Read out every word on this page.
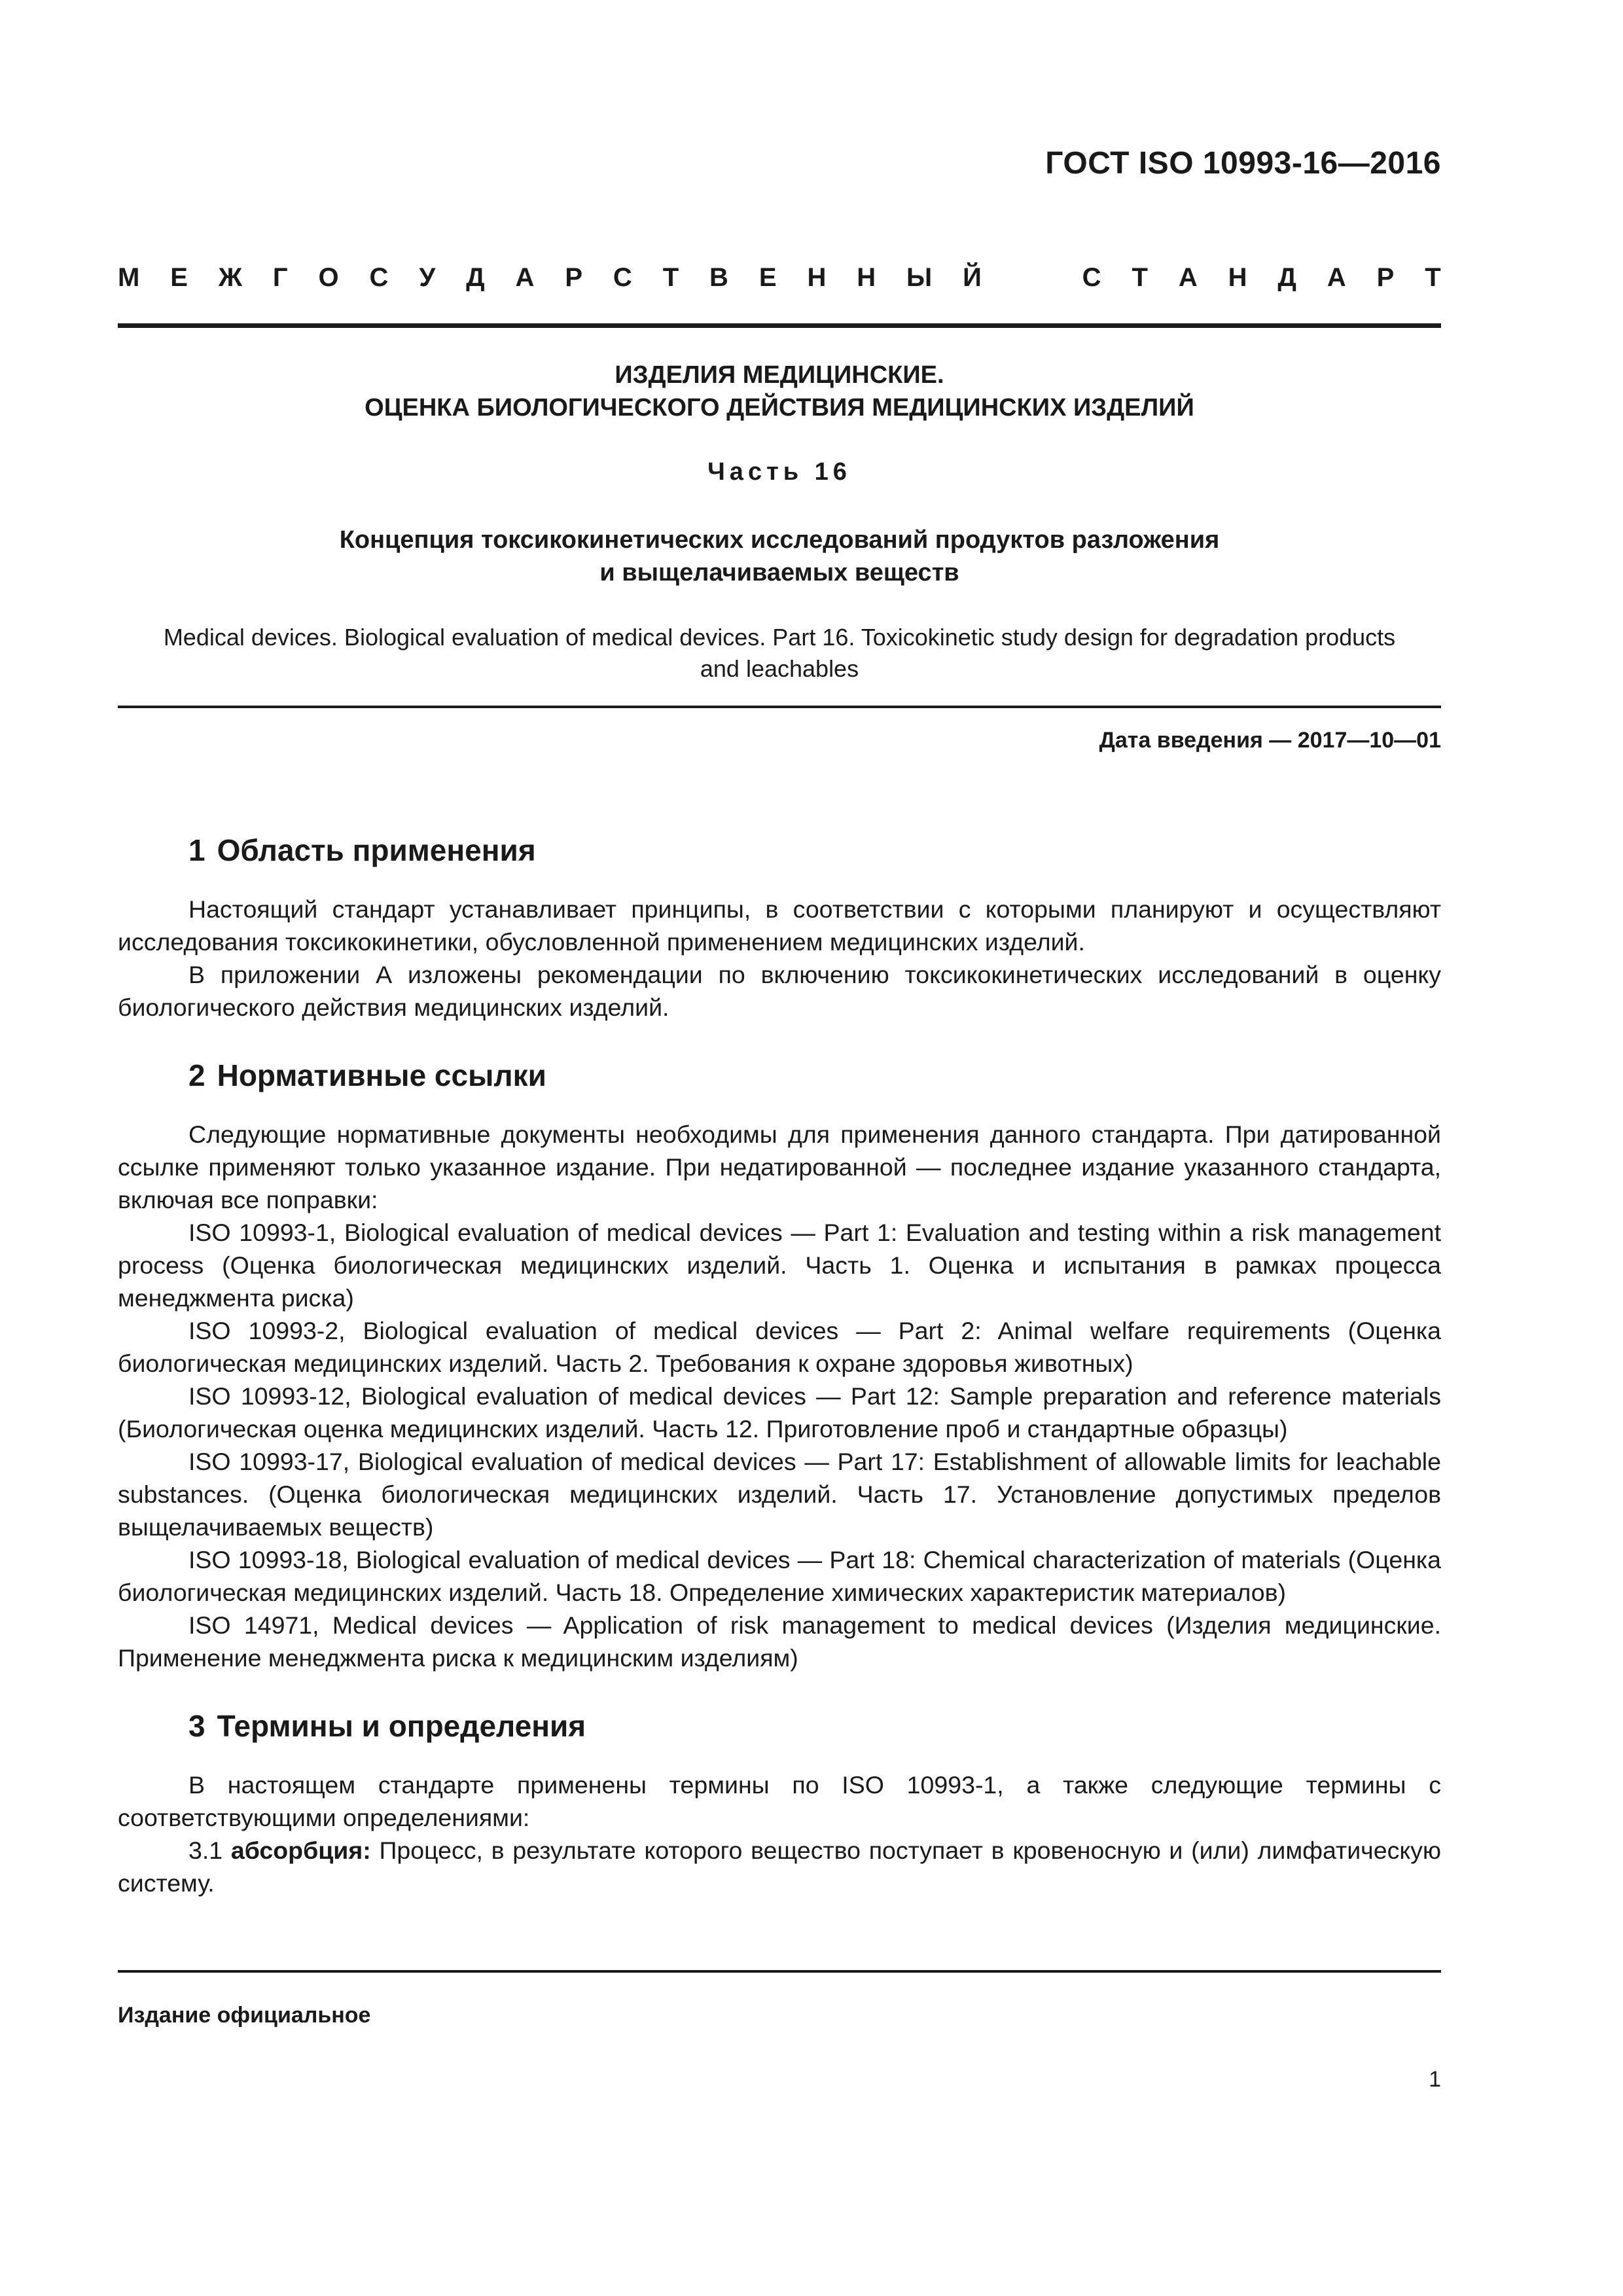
ГОСТ ISO 10993-16—2016
М Е Ж Г О С У Д А Р С Т В Е Н Н Ы Й	С Т А Н Д А Р Т
ИЗДЕЛИЯ МЕДИЦИНСКИЕ.
ОЦЕНКА БИОЛОГИЧЕСКОГО ДЕЙСТВИЯ МЕДИЦИНСКИХ ИЗДЕЛИЙ
Часть 16
Концепция токсикокинетических исследований продуктов разложения
и выщелачиваемых веществ
Medical devices. Biological evaluation of medical devices. Part 16. Toxicokinetic study design for degradation products
and leachables
Дата введения — 2017—10—01
1 Область применения

Настоящий стандарт устанавливает принципы, в соответствии с которыми планируют и осуществляют исследования токсикокинетики, обусловленной применением медицинских изделий.

В приложении А изложены рекомендации по включению токсикокинетических исследований в оценку биологического действия медицинских изделий.

2 Нормативные ссылки

Следующие нормативные документы необходимы для применения данного стандарта. При датированной ссылке применяют только указанное издание. При недатированной — последнее издание указанного стандарта, включая все поправки:

ISO 10993-1, Biological evaluation of medical devices — Part 1: Evaluation and testing within a risk management process (Оценка биологическая медицинских изделий. Часть 1. Оценка и испытания в рамках процесса менеджмента риска)

ISO 10993-2, Biological evaluation of medical devices — Part 2: Animal welfare requirements (Оценка биологическая медицинских изделий. Часть 2. Требования к охране здоровья животных)

ISO 10993-12, Biological evaluation of medical devices — Part 12: Sample preparation and reference materials (Биологическая оценка медицинских изделий. Часть 12. Приготовление проб и стандартные образцы)

ISO 10993-17, Biological evaluation of medical devices — Part 17: Establishment of allowable limits for leachable substances. (Оценка биологическая медицинских изделий. Часть 17. Установление допустимых пределов выщелачиваемых веществ)

ISO 10993-18, Biological evaluation of medical devices — Part 18: Chemical characterization of materials (Оценка биологическая медицинских изделий. Часть 18. Определение химических характеристик материалов)

ISO 14971, Medical devices — Application of risk management to medical devices (Изделия медицинские. Применение менеджмента риска к медицинским изделиям)

3 Термины и определения

В настоящем стандарте применены термины по ISO 10993-1, а также следующие термины с соответствующими определениями:

3.1 абсорбция: Процесс, в результате которого вещество поступает в кровеносную и (или) лимфатическую систему.

Издание официальное
1
